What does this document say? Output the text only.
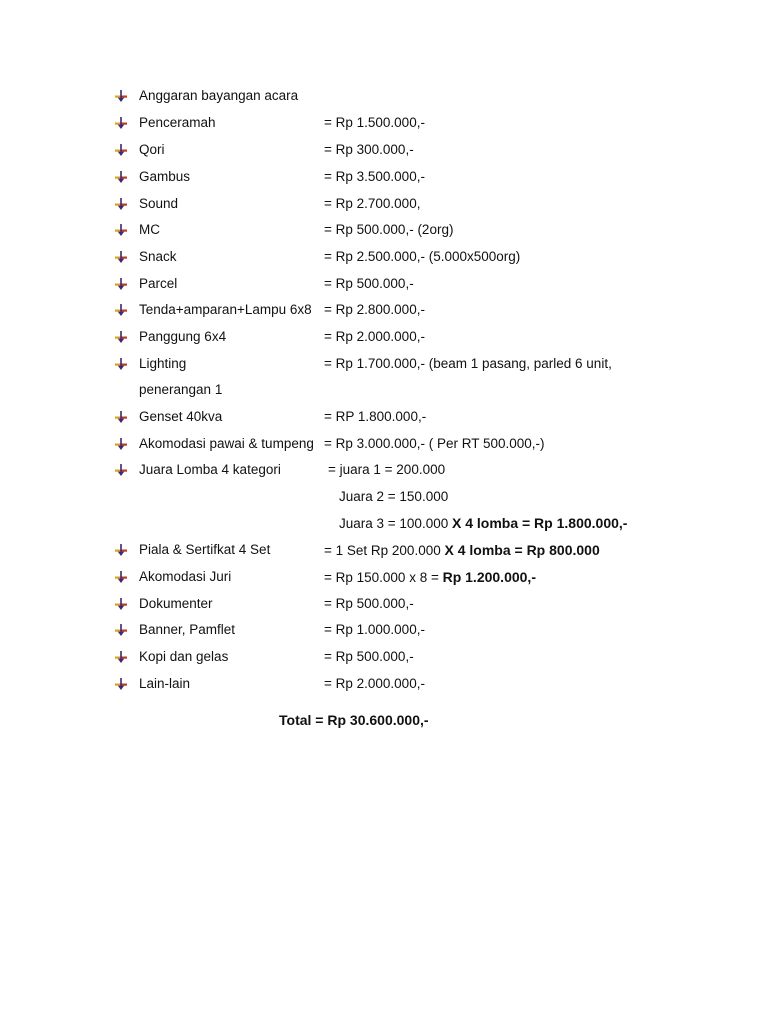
Anggaran bayangan acara
Penceramah	= Rp 1.500.000,-
Qori	= Rp 300.000,-
Gambus	= Rp 3.500.000,-
Sound	= Rp 2.700.000,
MC	= Rp 500.000,- (2org)
Snack	= Rp 2.500.000,- (5.000x500org)
Parcel	= Rp 500.000,-
Tenda+amparan+Lampu 6x8 = Rp 2.800.000,-
Panggung 6x4	= Rp 2.000.000,-
Lighting	= Rp 1.700.000,- (beam 1 pasang, parled 6 unit,
penerangan 1
Genset 40kva	= RP 1.800.000,-
Akomodasi pawai & tumpeng = Rp 3.000.000,- ( Per RT 500.000,-)
Juara Lomba 4 kategori	= juara 1 = 200.000
Juara 2 = 150.000
Juara 3 = 100.000 X 4 lomba = Rp 1.800.000,-
Piala & Sertifkat 4 Set	= 1 Set Rp 200.000 X 4 lomba = Rp 800.000
Akomodasi Juri	= Rp 150.000 x 8 = Rp 1.200.000,-
Dokumenter	= Rp 500.000,-
Banner, Pamflet	= Rp 1.000.000,-
Kopi dan gelas	= Rp 500.000,-
Lain-lain	= Rp 2.000.000,-
Total = Rp 30.600.000,-
